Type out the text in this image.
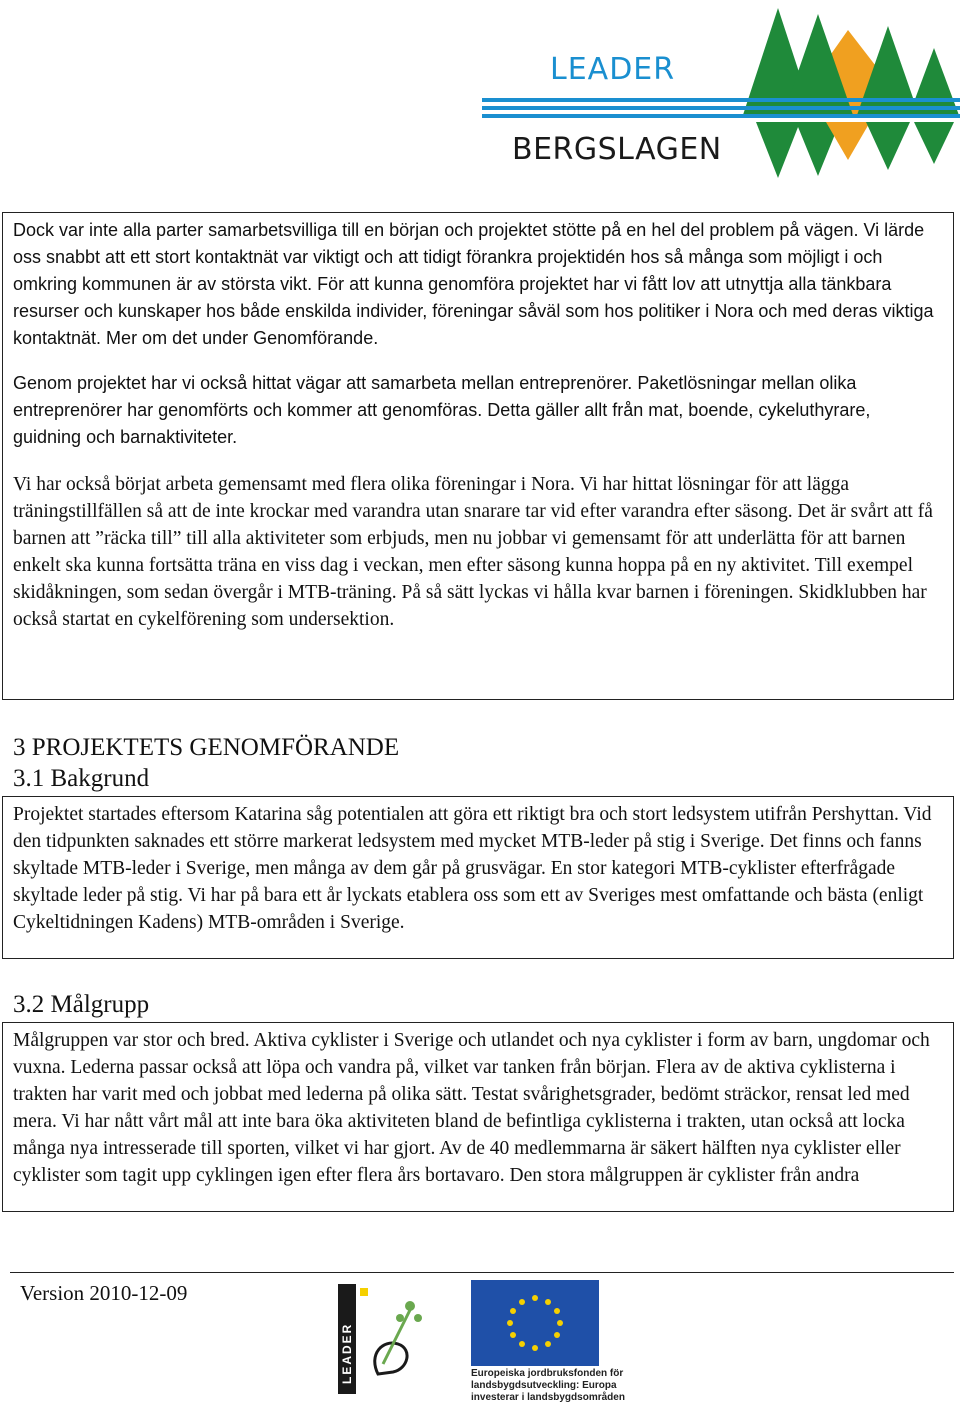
LEADER
BERGSLAGEN

Dock var inte alla parter samarbetsvilliga till en början och projektet stötte på en hel del problem på vägen. Vi lärde oss snabbt att ett stort kontaktnät var viktigt och att tidigt förankra projektidén hos så många som möjligt i och omkring kommunen är av största vikt. För att kunna genomföra projektet har vi fått lov att utnyttja alla tänkbara resurser och kunskaper hos både enskilda individer, föreningar såväl som hos politiker i Nora och med deras viktiga kontaktnät. Mer om det under Genomförande.

Genom projektet har vi också hittat vägar att samarbeta mellan entreprenörer. Paketlösningar mellan olika entreprenörer har genomförts och kommer att genomföras. Detta gäller allt från mat, boende, cykeluthyrare, guidning och barnaktiviteter.

Vi har också börjat arbeta gemensamt med flera olika föreningar i Nora. Vi har hittat lösningar för att lägga träningstillfällen så att de inte krockar med varandra utan snarare tar vid efter varandra efter säsong. Det är svårt att få barnen att ”räcka till” till alla aktiviteter som erbjuds, men nu jobbar vi gemensamt för att underlätta för att barnen enkelt ska kunna fortsätta träna en viss dag i veckan, men efter säsong kunna hoppa på en ny aktivitet. Till exempel skidåkningen, som sedan övergår i MTB-träning. På så sätt lyckas vi hålla kvar barnen i föreningen. Skidklubben har också startat en cykelförening som undersektion.

3 PROJEKTETS GENOMFÖRANDE
3.1 Bakgrund

Projektet startades eftersom Katarina såg potentialen att göra ett riktigt bra och stort ledsystem utifrån Pershyttan. Vid den tidpunkten saknades ett större markerat ledsystem med mycket MTB-leder på stig i Sverige. Det finns och fanns skyltade MTB-leder i Sverige, men många av dem går på grusvägar. En stor kategori MTB-cyklister efterfrågade skyltade leder på stig. Vi har på bara ett år lyckats etablera oss som ett av Sveriges mest omfattande och bästa (enligt Cykeltidningen Kadens) MTB-områden i Sverige.

3.2 Målgrupp

Målgruppen var stor och bred. Aktiva cyklister i Sverige och utlandet och nya cyklister i form av barn, ungdomar och vuxna. Lederna passar också att löpa och vandra på, vilket var tanken från början. Flera av de aktiva cyklisterna i trakten har varit med och jobbat med lederna på olika sätt. Testat svårighetsgrader, bedömt sträckor, rensat led med mera. Vi har nått vårt mål att inte bara öka aktiviteten bland de befintliga cyklisterna i trakten, utan också att locka många nya intresserade till sporten, vilket vi har gjort. Av de 40 medlemmarna är säkert hälften nya cyklister eller cyklister som tagit upp cyklingen igen efter flera års bortavaro. Den stora målgruppen är cyklister från andra

Version 2010-12-09
LEADER	Europeiska jordbruksfonden för
landsbygdsutveckling: Europa
investerar i landsbygdsområden
